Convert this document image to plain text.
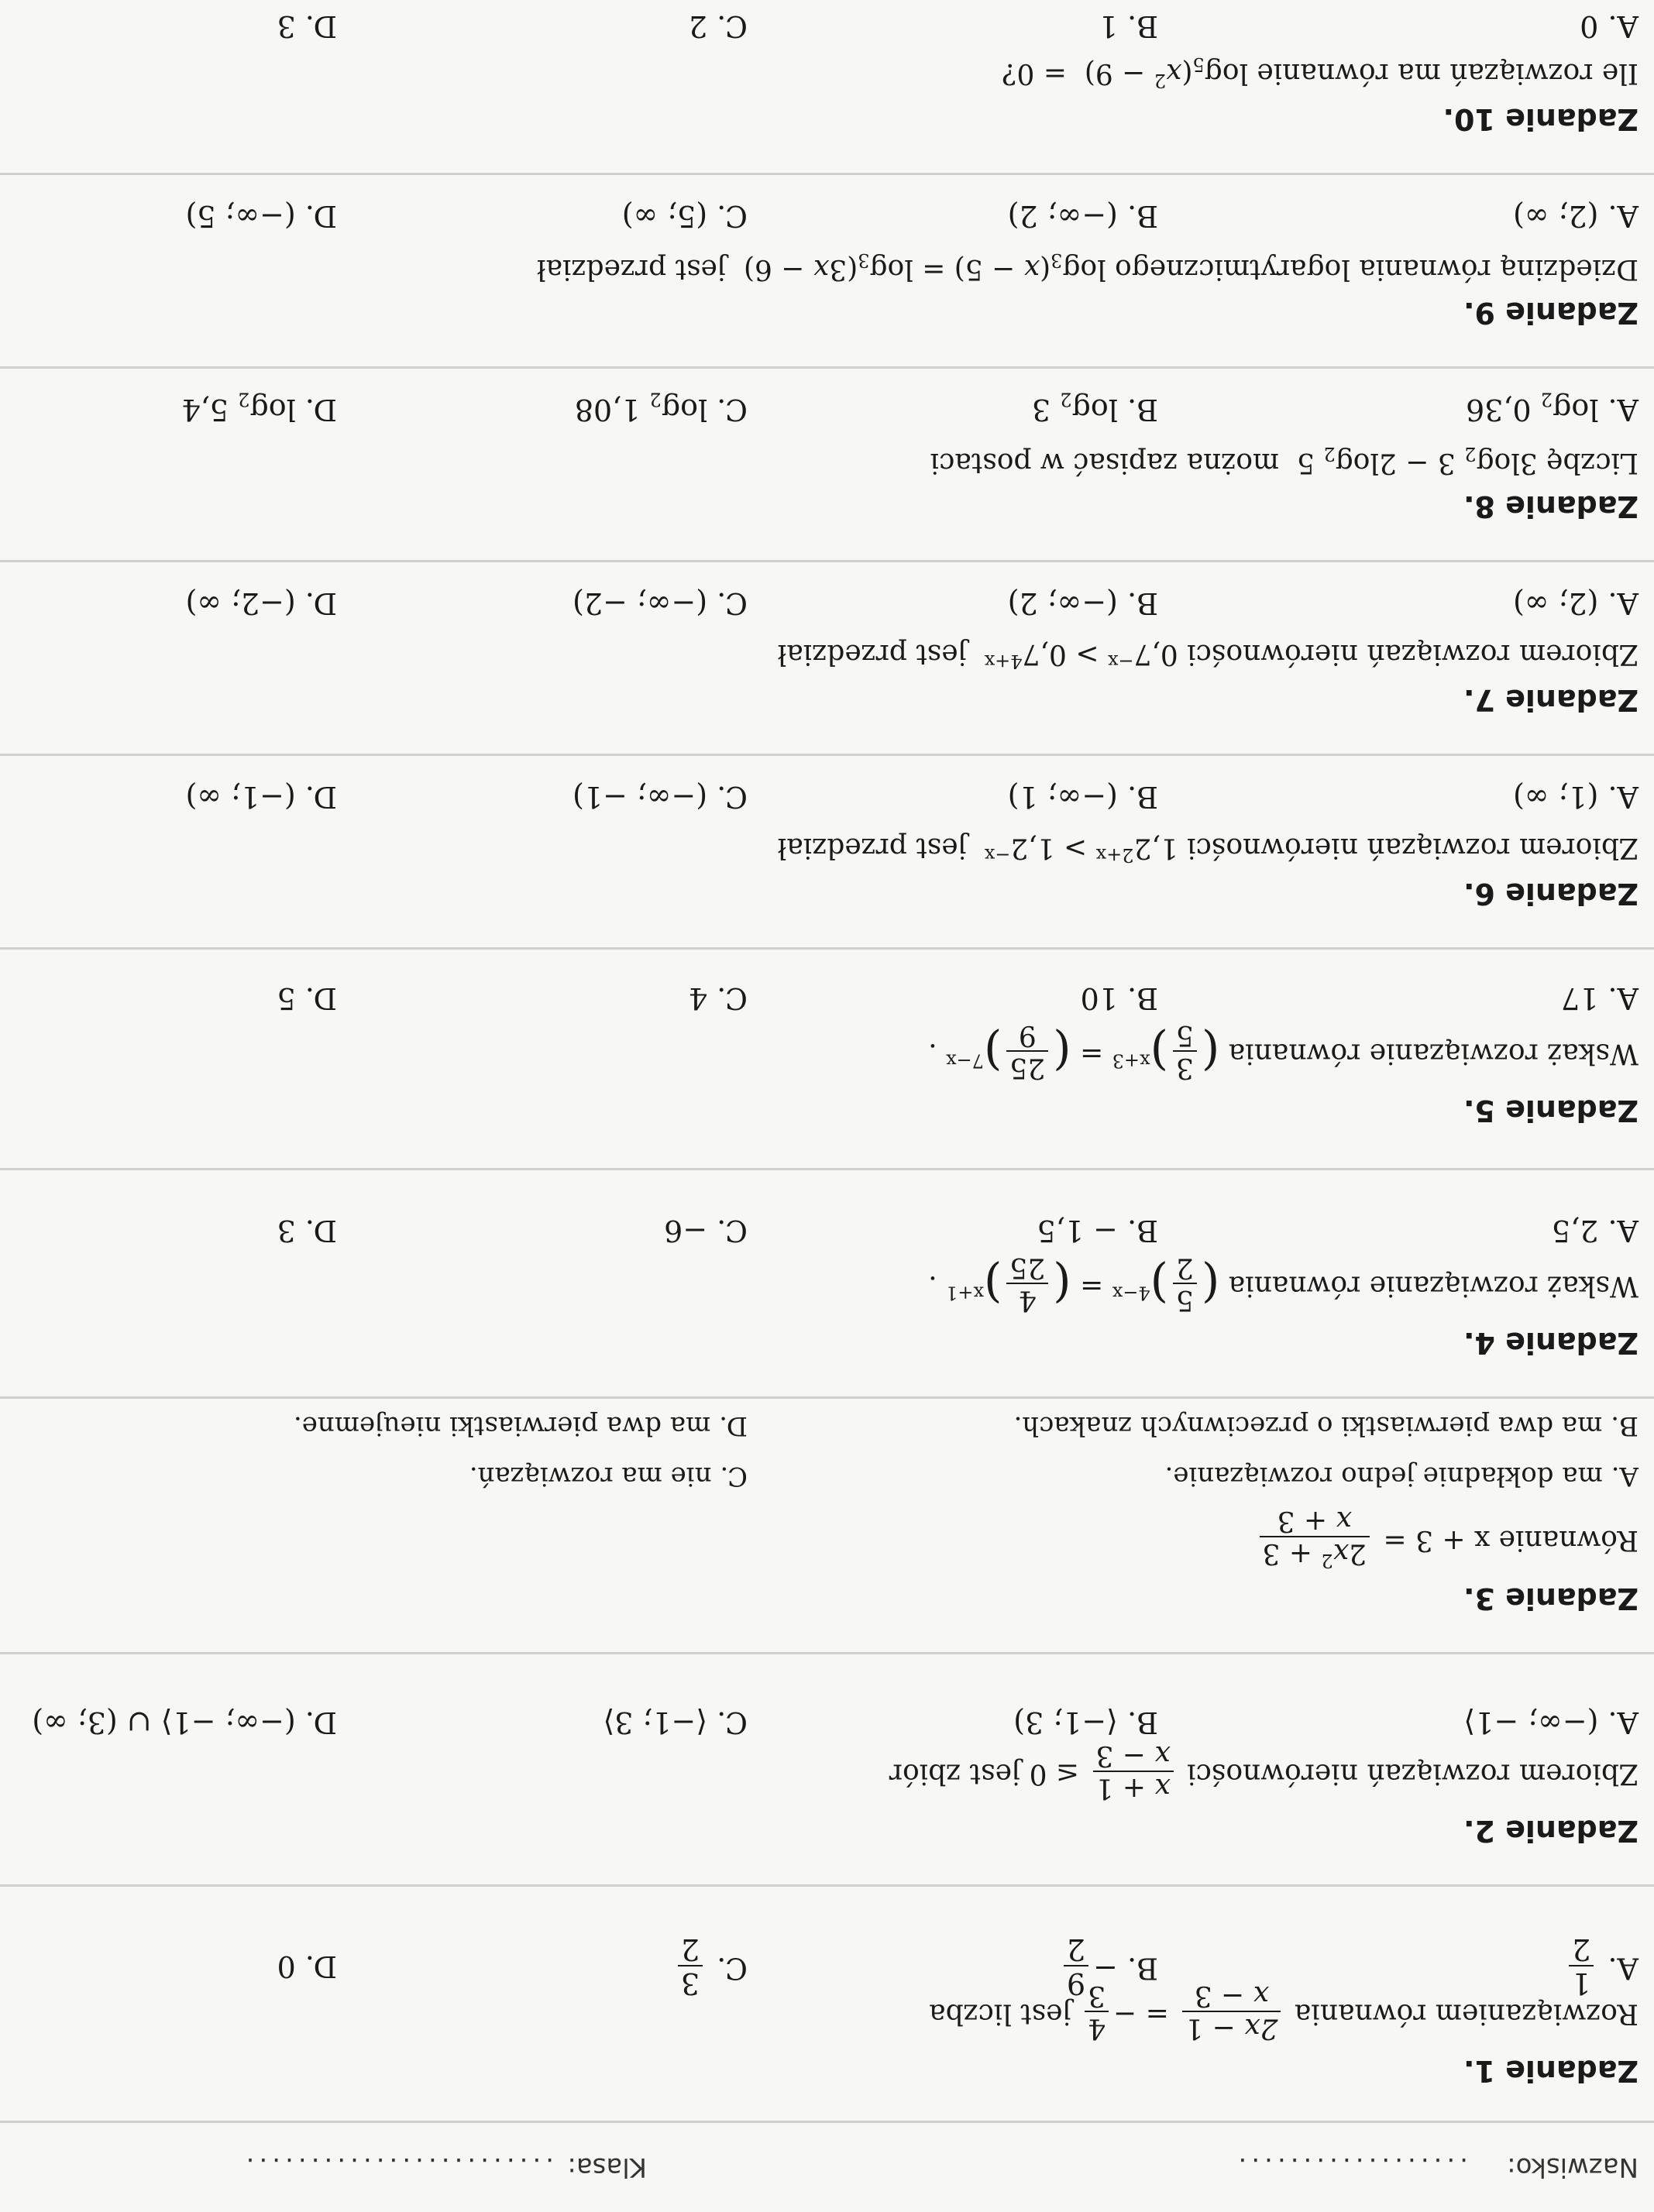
Nazwisko:
..................
Klasa:
........................
Zadanie 1.
Rozwiązaniem równania
2x − 1
x − 3
= −
4
3
jest liczba
A.
1
2
B. −
9
2
C.
3
2
D. 0
Zadanie 2.
Zbiorem rozwiązań nierówności
x + 1
x − 3
≤ 0 jest zbiór
A. (−∞; −1⟩
B. ⟨−1; 3)
C. ⟨−1; 3⟩
D. (−∞; −1⟩ ∪ (3; ∞)
Zadanie 3.
Równanie x + 3 =
$2x^2 + 3$
x + 3
A. ma dokładnie jedno rozwiązanie.
C. nie ma rozwiązań.
B. ma dwa pierwiastki o przeciwnych znakach.
D. ma dwa pierwiastki nieujemne.
Zadanie 4.
Wskaż rozwiązanie równania (
5
2
)$^{4-x}$ = (
4
25
)$^{x+1}$ .
A. 2,5
B. − 1,5
C. −6
D. 3
Zadanie 5.
Wskaż rozwiązanie równania (
3
5
)$^{x+3}$ = (
25
9
)$^{7-x}$ .
A. 17
B. 10
C. 4
D. 5
Zadanie 6.
Zbiorem rozwiązań nierówności $1,2^{2+x} > 1,2^{-x}$  jest przedział
A. (1; ∞)
B. (−∞; 1)
C. (−∞; −1)
D. (−1; ∞)
Zadanie 7.
Zbiorem rozwiązań nierówności $0,7^{-x} > 0,7^{4+x}$  jest przedział
A. (2; ∞)
B. (−∞; 2)
C. (−∞; −2)
D. (−2; ∞)
Zadanie 8.
Liczbę $3\log_2$ $3 - 2\log_2$ 5  można zapisać w postaci
A. $\log_2 0,36$
B. $\log_2 3$
C. $\log_2 1,08$
D. $\log_2 5,4$
Zadanie 9.
Dziedziną równania logarytmicznego $\log_3(x - 5) = \log_3(3x - 6)$  jest przedział
A. (2; ∞)
B. (−∞; 2)
C. (5; ∞)
D. (−∞; 5)
Zadanie 10.
Ile rozwiązań ma równanie $\log_5(x^2 - 9) = 0$?
A. 0
B. 1
C. 2
D. 3
